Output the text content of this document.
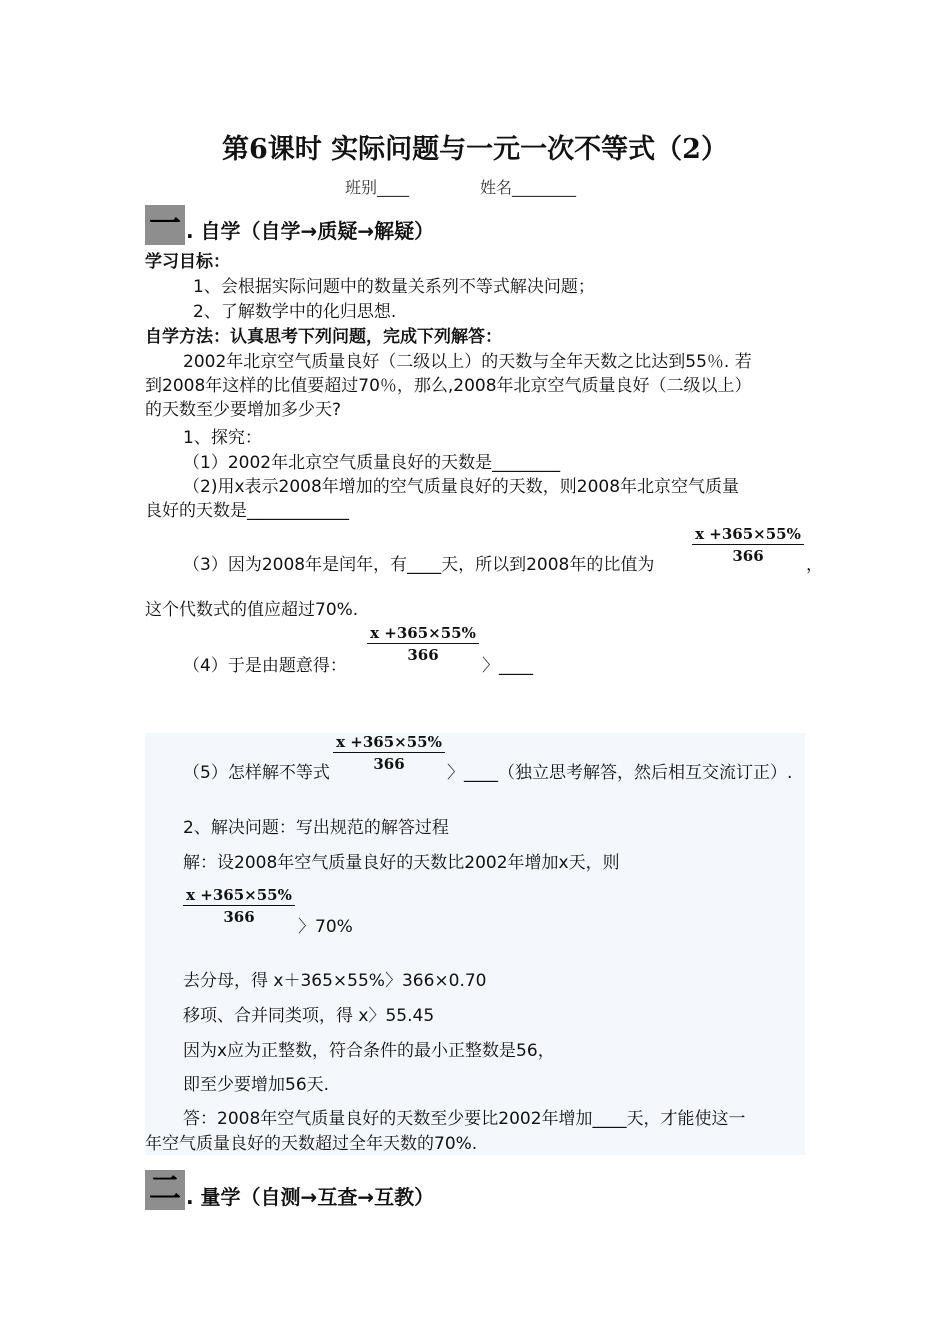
第6课时 实际问题与一元一次不等式（2）
班别____	姓名________
一 . 自学（自学→质疑→解疑）
学习目标：
1、会根据实际问题中的数量关系列不等式解决问题；
2、了解数学中的化归思想.
自学方法：认真思考下列问题，完成下列解答：
2002年北京空气质量良好（二级以上）的天数与全年天数之比达到55％. 若
到2008年这样的比值要超过70％，那么,2008年北京空气质量良好（二级以上）
的天数至少要增加多少天?
1、探究：
（1）2002年北京空气质量良好的天数是________
（2)用x表示2008年增加的空气质量良好的天数，则2008年北京空气质量
良好的天数是____________
$\frac{x +365\times 55\%}{366}$
（3）因为2008年是闰年，有____天，所以到2008年的比值为	，
这个代数式的值应超过70%.
$\frac{x +365\times 55\%}{366}$
（4）于是由题意得：	〉____
$\frac{x +365\times 55\%}{366}$
（5）怎样解不等式	〉____（独立思考解答，然后相互交流订正）.
2、解决问题：写出规范的解答过程
解：设2008年空气质量良好的天数比2002年增加x天，则
$\frac{x +365\times 55\%}{366}$ 〉70%
去分母，得 x＋365×55%〉366×0.70
移项、合并同类项，得 x〉55.45
因为x应为正整数，符合条件的最小正整数是56，
即至少要增加56天.
答：2008年空气质量良好的天数至少要比2002年增加____天，才能使这一
年空气质量良好的天数超过全年天数的70%.
二 . 量学（自测→互查→互教）
